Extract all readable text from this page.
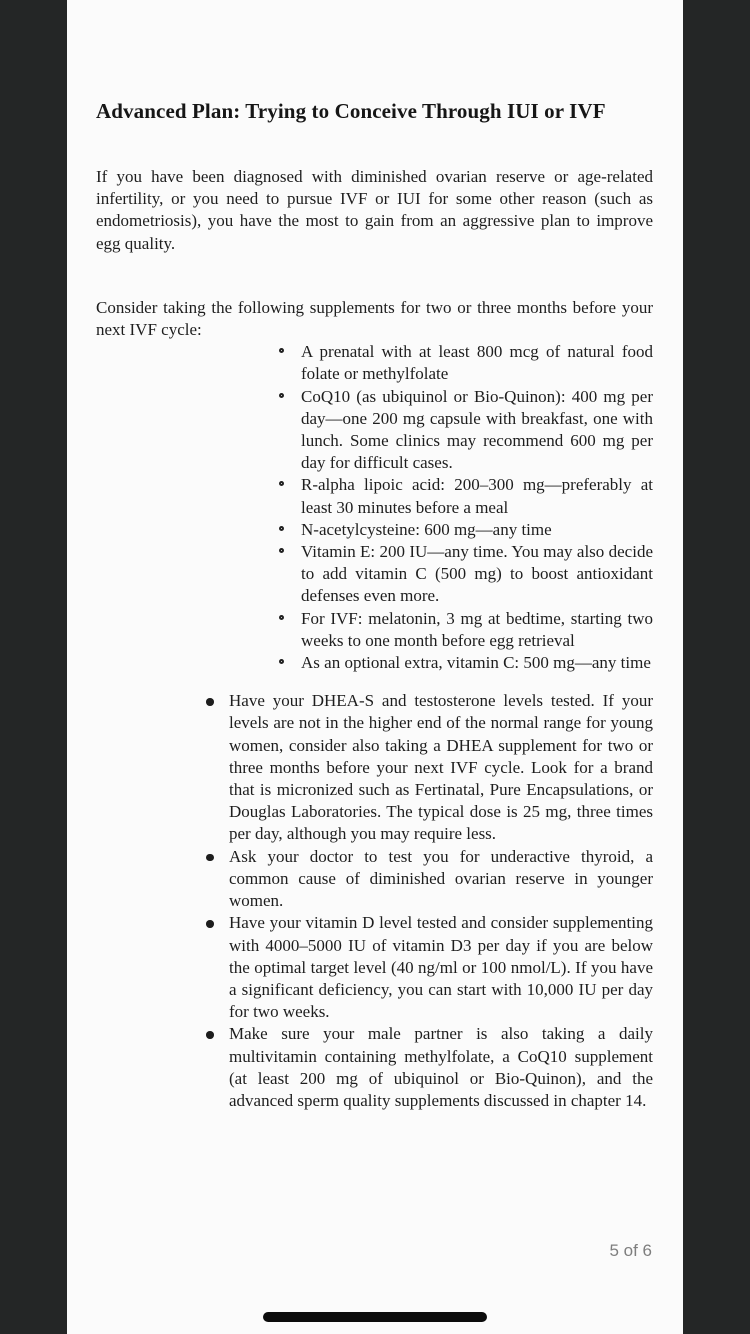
Advanced Plan: Trying to Conceive Through IUI or IVF

If you have been diagnosed with diminished ovarian reserve or age-related infertility, or you need to pursue IVF or IUI for some other reason (such as endometriosis), you have the most to gain from an aggressive plan to improve egg quality.

Consider taking the following supplements for two or three months before your next IVF cycle:

A prenatal with at least 800 mcg of natural food folate or methylfolate
CoQ10 (as ubiquinol or Bio-Quinon): 400 mg per day—one 200 mg capsule with breakfast, one with lunch. Some clinics may recommend 600 mg per day for difficult cases.
R-alpha lipoic acid: 200–300 mg—preferably at least 30 minutes before a meal
N-acetylcysteine: 600 mg—any time
Vitamin E: 200 IU—any time. You may also decide to add vitamin C (500 mg) to boost antioxidant defenses even more.
For IVF: melatonin, 3 mg at bedtime, starting two weeks to one month before egg retrieval
As an optional extra, vitamin C: 500 mg—any time
Have your DHEA-S and testosterone levels tested. If your levels are not in the higher end of the normal range for young women, consider also taking a DHEA supplement for two or three months before your next IVF cycle. Look for a brand that is micronized such as Fertinatal, Pure Encapsulations, or Douglas Laboratories. The typical dose is 25 mg, three times per day, although you may require less.
Ask your doctor to test you for underactive thyroid, a common cause of diminished ovarian reserve in younger women.
Have your vitamin D level tested and consider supplementing with 4000–5000 IU of vitamin D3 per day if you are below the optimal target level (40 ng/ml or 100 nmol/L). If you have a significant deficiency, you can start with 10,000 IU per day for two weeks.
Make sure your male partner is also taking a daily multivitamin containing methylfolate, a CoQ10 supplement (at least 200 mg of ubiquinol or Bio-Quinon), and the advanced sperm quality supplements discussed in chapter 14.
5 of 6
